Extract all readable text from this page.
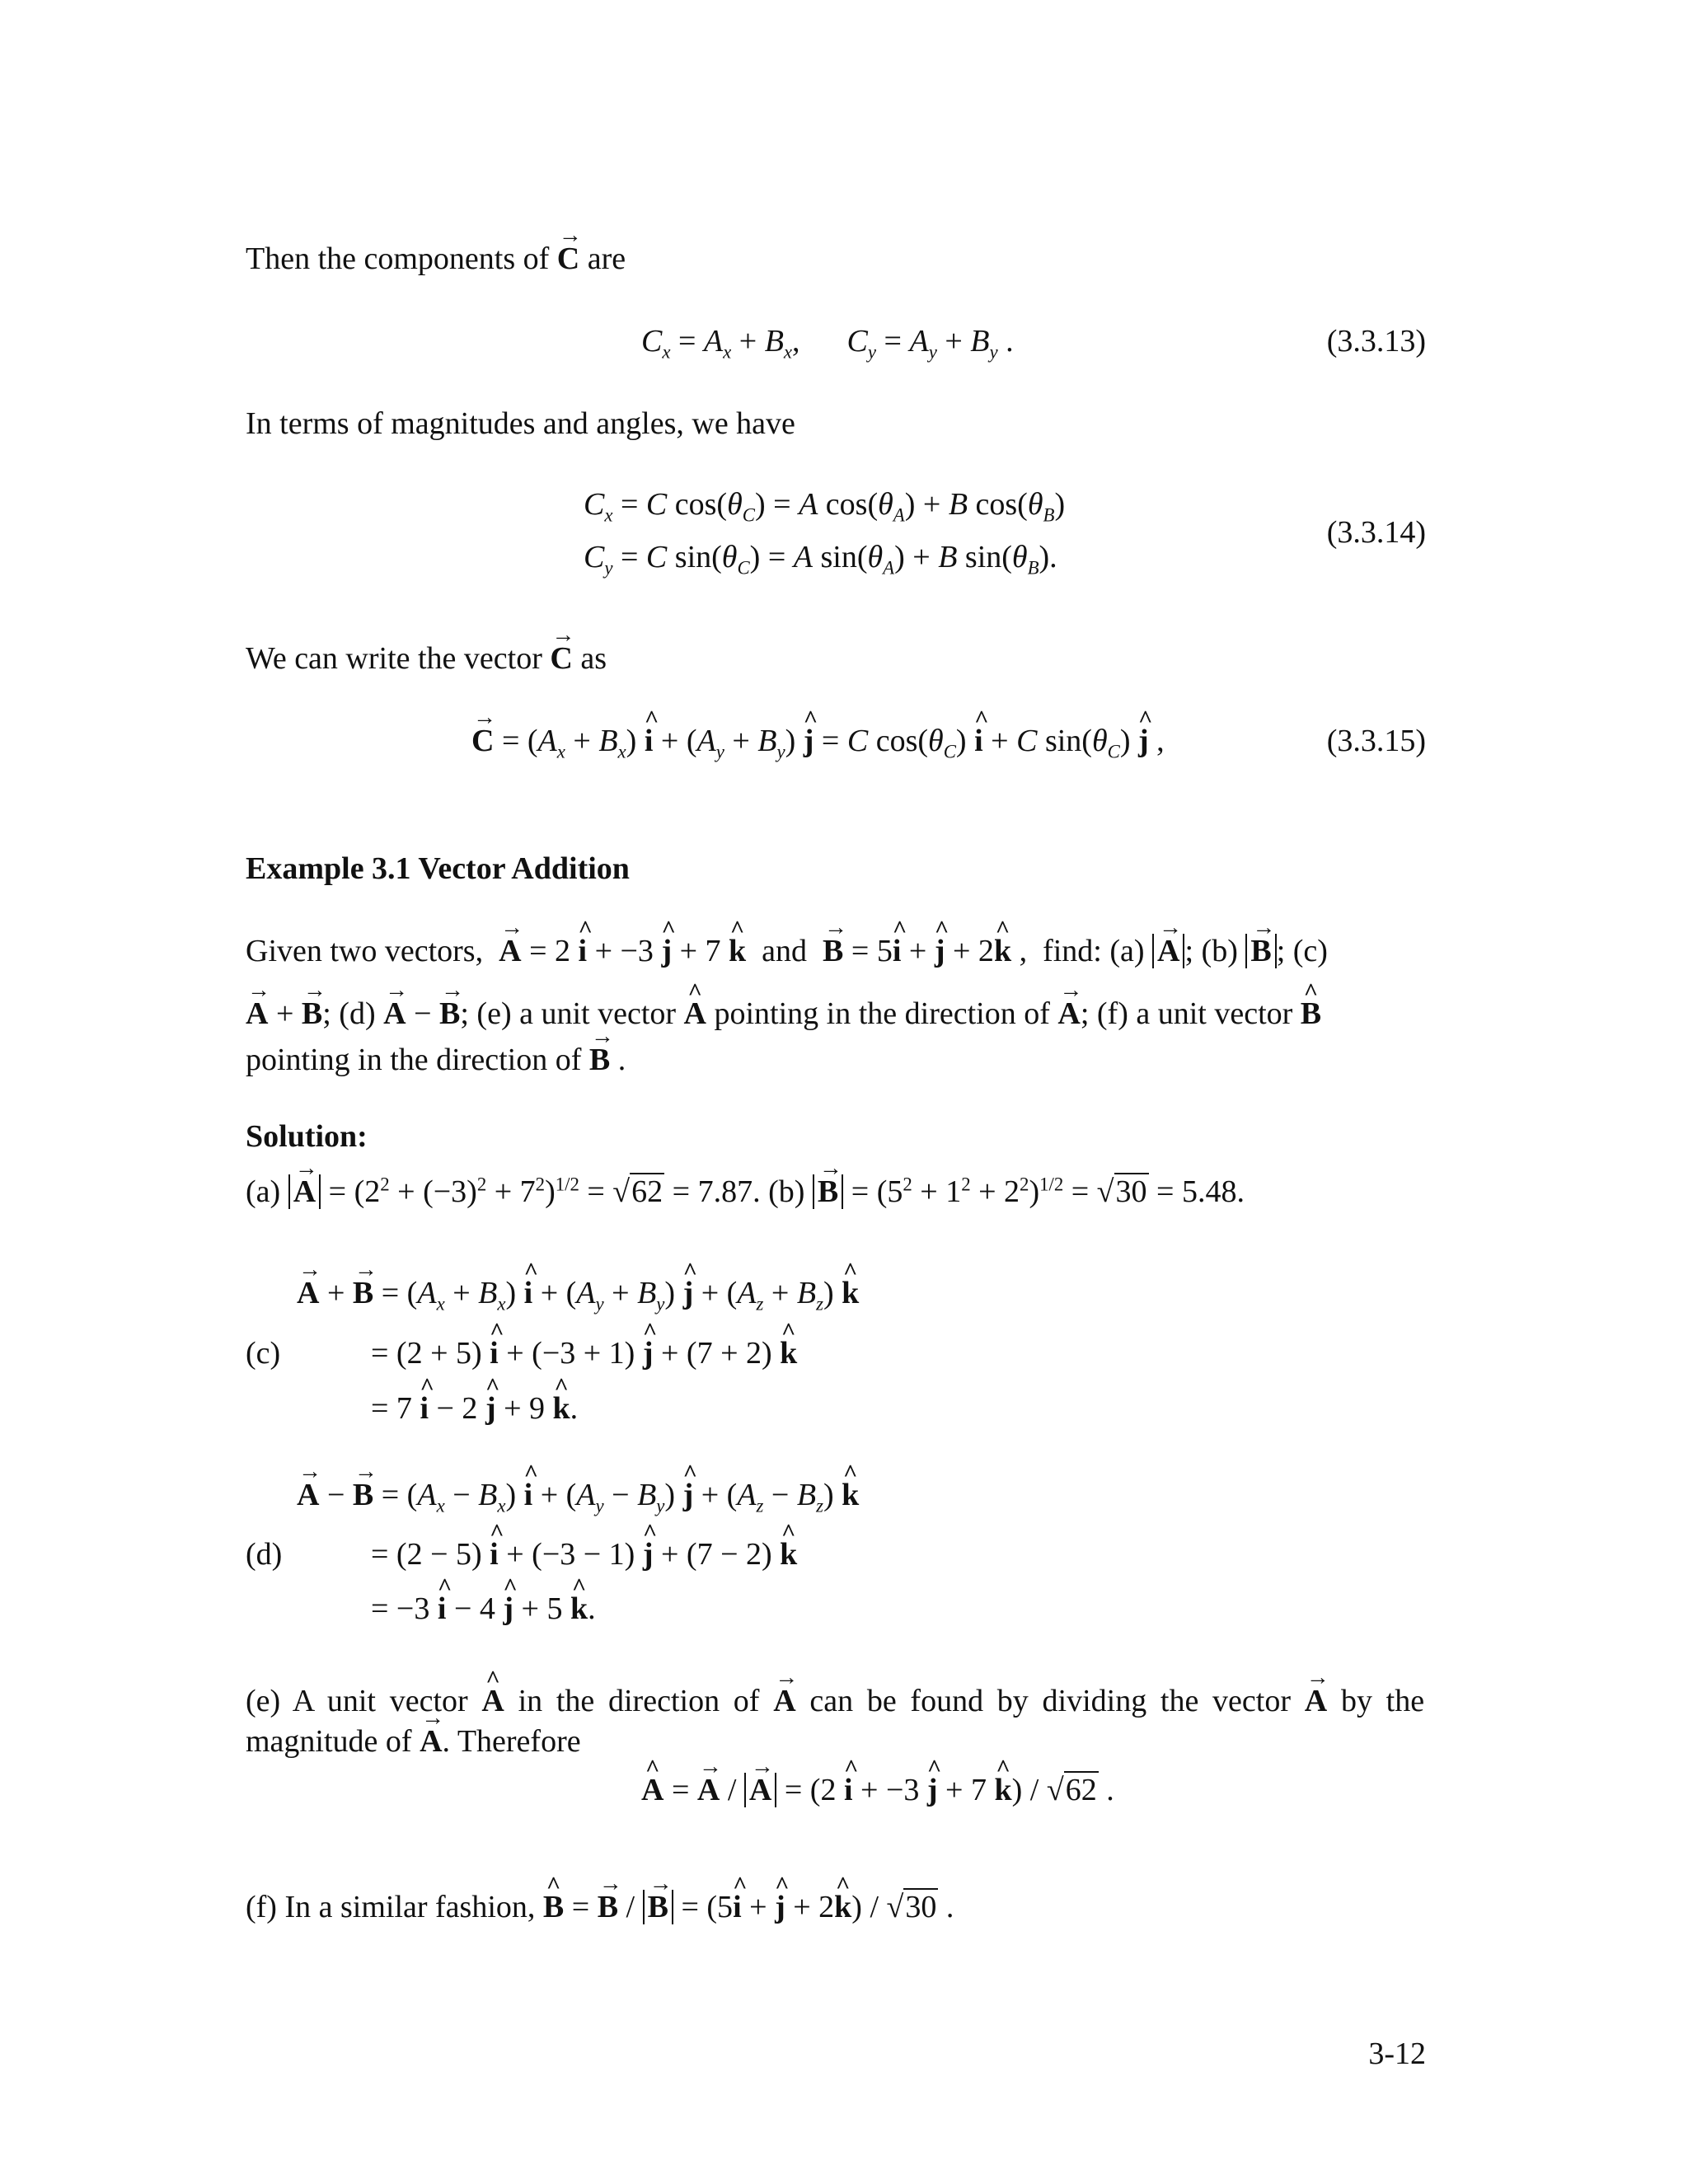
Then the components of → C are
$C_x = A_x + B_x$,      $C_y = A_y + B_y$ .	(3.3.13)
In terms of magnitudes and angles, we have
$C_x = C$ $\cos(\theta_C) = A$ $\cos(\theta_A) + B$ $\cos(\theta_B)$
$C_y = C$ $\sin(\theta_C) = A$ $\sin(\theta_A) + B$ $\sin(\theta_B)$.
(3.3.14)
We can write the vector → C as
→ $C = (A_x + B_x)$ ^ $i + (A_y + B_y)$ ^ j = C $\cos(\theta_C)$ ^ i + C $\sin(\theta_C)$ ^ j ,	(3.3.15)
Example 3.1 Vector Addition
Given two vectors, → A = 2 ^ i + −3 ^ j + 7 ^ k  and  → B = 5^ i + ^ j + 2^ k ,  find: (a) → A ; (b) → B ; (c)
→ A + → B; (d) → A − → B; (e) a unit vector ^ A pointing in the direction of → A; (f) a unit vector ^ B
pointing in the direction of → B .
Solution:
$(a) \to A = (2^2 + (-3)^2 + 7^2)^{1/2} = √62 = 7.87$. $(b) \to B = (5^2 + 1^2 + 2^2)^{1/2} = √30 = 5.48$.
(c)
→ A + → $B = (A_x + B_x)$ ^ $i + (A_y + B_y)$ ^ $j + (A_z + B_z)$ ^ k
= (2 + 5) ^ i + (−3 + 1) ^ j + (7 + 2) ^ k
= 7 ^ i − 2 ^ j + 9 ^ k.
(d)
→ A − → $B = (A_x - B_x)$ ^ $i + (A_y - B_y)$ ^ $j + (A_z - B_z)$ ^ k
= (2 − 5) ^ i + (−3 − 1) ^ j + (7 − 2) ^ k
= −3 ^ i − 4 ^ j + 5 ^ k.
(e) A unit vector ^ A in the direction of → A can be found by dividing the vector → A by the magnitude of → A. Therefore
^ A = → A / → A = (2 ^ i + −3 ^ j + 7 ^ k) / √62 .
(f) In a similar fashion, ^ B = → B / → B = (5^ i + ^ j + 2^ k) / √30 .
3-12
